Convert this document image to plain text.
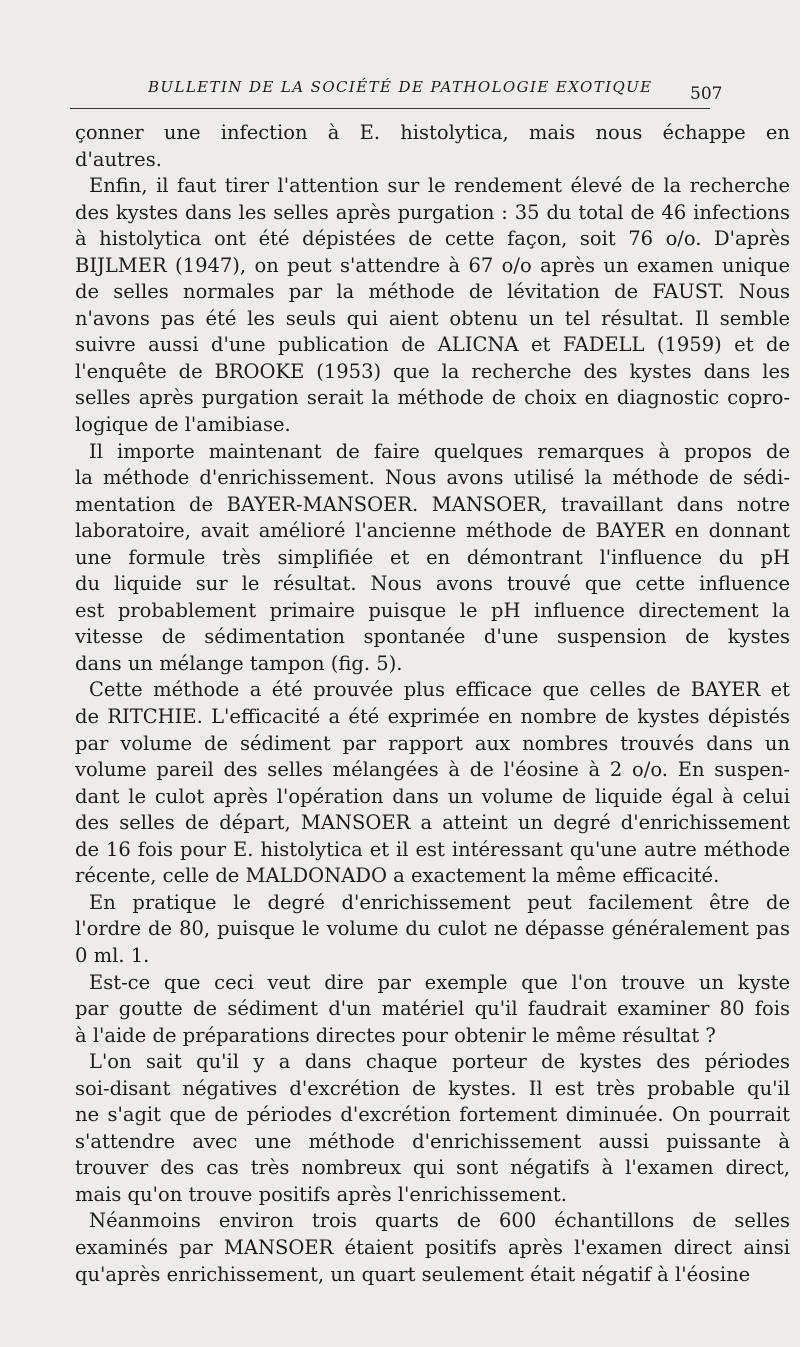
BULLETIN DE LA SOCIÉTÉ DE PATHOLOGIE EXOTIQUE 507
çonner une infection à E. histolytica, mais nous échappe en
d'autres.
Enfin, il faut tirer l'attention sur le rendement élevé de la recherche
des kystes dans les selles après purgation : 35 du total de 46 infections
à histolytica ont été dépistées de cette façon, soit 76 o/o. D'après
BIJLMER (1947), on peut s'attendre à 67 o/o après un examen unique
de selles normales par la méthode de lévitation de FAUST. Nous
n'avons pas été les seuls qui aient obtenu un tel résultat. Il semble
suivre aussi d'une publication de ALICNA et FADELL (1959) et de
l'enquête de BROOKE (1953) que la recherche des kystes dans les
selles après purgation serait la méthode de choix en diagnostic copro-
logique de l'amibiase.
Il importe maintenant de faire quelques remarques à propos de
la méthode d'enrichissement. Nous avons utilisé la méthode de sédi-
mentation de BAYER-MANSOER. MANSOER, travaillant dans notre
laboratoire, avait amélioré l'ancienne méthode de BAYER en donnant
une formule très simplifiée et en démontrant l'influence du pH
du liquide sur le résultat. Nous avons trouvé que cette influence
est probablement primaire puisque le pH influence directement la
vitesse de sédimentation spontanée d'une suspension de kystes
dans un mélange tampon (fig. 5).
Cette méthode a été prouvée plus efficace que celles de BAYER et
de RITCHIE. L'efficacité a été exprimée en nombre de kystes dépistés
par volume de sédiment par rapport aux nombres trouvés dans un
volume pareil des selles mélangées à de l'éosine à 2 o/o. En suspen-
dant le culot après l'opération dans un volume de liquide égal à celui
des selles de départ, MANSOER a atteint un degré d'enrichissement
de 16 fois pour E. histolytica et il est intéressant qu'une autre méthode
récente, celle de MALDONADO a exactement la même efficacité.
En pratique le degré d'enrichissement peut facilement être de
l'ordre de 80, puisque le volume du culot ne dépasse généralement pas
0 ml. 1.
Est-ce que ceci veut dire par exemple que l'on trouve un kyste
par goutte de sédiment d'un matériel qu'il faudrait examiner 80 fois
à l'aide de préparations directes pour obtenir le même résultat ?
L'on sait qu'il y a dans chaque porteur de kystes des périodes
soi-disant négatives d'excrétion de kystes. Il est très probable qu'il
ne s'agit que de périodes d'excrétion fortement diminuée. On pourrait
s'attendre avec une méthode d'enrichissement aussi puissante à
trouver des cas très nombreux qui sont négatifs à l'examen direct,
mais qu'on trouve positifs après l'enrichissement.
Néanmoins environ trois quarts de 600 échantillons de selles
examinés par MANSOER étaient positifs après l'examen direct ainsi
qu'après enrichissement, un quart seulement était négatif à l'éosine
